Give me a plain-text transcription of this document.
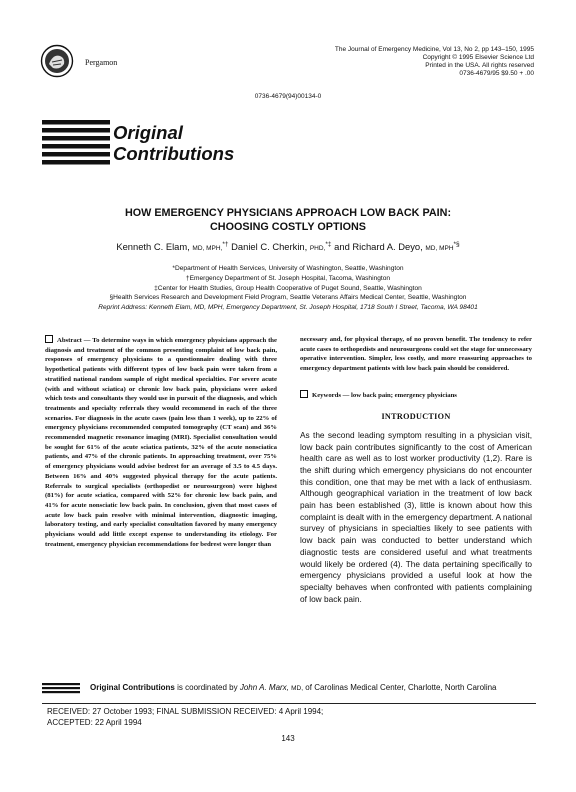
Pergamon
The Journal of Emergency Medicine, Vol 13, No 2, pp 143–150, 1995
Copyright © 1995 Elsevier Science Ltd
Printed in the USA. All rights reserved
0736-4679/95 $9.50 + .00
0736-4679(94)00134-0
Original
Contributions
HOW EMERGENCY PHYSICIANS APPROACH LOW BACK PAIN:
CHOOSING COSTLY OPTIONS
Kenneth C. Elam, MD, MPH,*† Daniel C. Cherkin, PHD,*‡ and Richard A. Deyo, MD, MPH*§
*Department of Health Services, University of Washington, Seattle, Washington
†Emergency Department of St. Joseph Hospital, Tacoma, Washington
‡Center for Health Studies, Group Health Cooperative of Puget Sound, Seattle, Washington
§Health Services Research and Development Field Program, Seattle Veterans Affairs Medical Center, Seattle, Washington
Reprint Address: Kenneth Elam, MD, MPH, Emergency Department, St. Joseph Hospital, 1718 South I Street, Tacoma, WA 98401

Abstract — To determine ways in which emergency physicians approach the diagnosis and treatment of the common presenting complaint of low back pain, responses of emergency physicians to a questionnaire dealing with three hypothetical patients with different types of low back pain were taken from a stratified national random sample of eight medical specialties. For severe acute (with and without sciatica) or chronic low back pain, physicians were asked which tests and consultants they would use in pursuit of the diagnosis, and which treatments and specialty referrals they would recommend in each of the three scenarios. For diagnosis in the acute cases (pain less than 1 week), up to 22% of emergency physicians recommended computed tomography (CT scan) and 36% recommended magnetic resonance imaging (MRI). Specialist consultation would be sought for 61% of the acute sciatica patients, 32% of the acute nonsciatica patients, and 47% of the chronic patients. In approaching treatment, over 75% of emergency physicians would advise bedrest for an average of 3.5 to 4.5 days. Between 16% and 40% suggested physical therapy for the acute patients. Referrals to surgical specialists (orthopedist or neurosurgeon) were highest (81%) for acute sciatica, compared with 52% for chronic low back pain, and 41% for acute nonsciatic low back pain. In conclusion, given that most cases of acute low back pain resolve with minimal intervention, diagnostic imaging, laboratory testing, and early specialist consultation favored by many emergency physicians would add little except expense to understanding its etiology. For treatment, emergency physician recommendations for bedrest were longer than

necessary and, for physical therapy, of no proven benefit. The tendency to refer acute cases to orthopedists and neurosurgeons could set the stage for unnecessary operative intervention. Simpler, less costly, and more reassuring approaches to emergency department patients with low back pain should be considered.

Keywords — low back pain; emergency physicians
INTRODUCTION

As the second leading symptom resulting in a physician visit, low back pain contributes significantly to the cost of American health care as well as to lost worker productivity (1,2). Rare is the shift during which emergency physicians do not encounter this condition, one that may be met with a lack of enthusiasm. Although geographical variation in the treatment of low back pain has been established (3), little is known about how this complaint is dealt with in the emergency department. A national survey of physicians in specialties likely to see patients with low back pain was conducted to better understand which diagnostic tests are considered useful and what treatments would likely be ordered (4). The data pertaining specifically to emergency physicians provided a useful look at how the specialty behaves when confronted with patients complaining of low back pain.

Original Contributions is coordinated by John A. Marx, MD, of Carolinas Medical Center, Charlotte, North Carolina
RECEIVED: 27 October 1993; FINAL SUBMISSION RECEIVED: 4 April 1994;
ACCEPTED: 22 April 1994
143
